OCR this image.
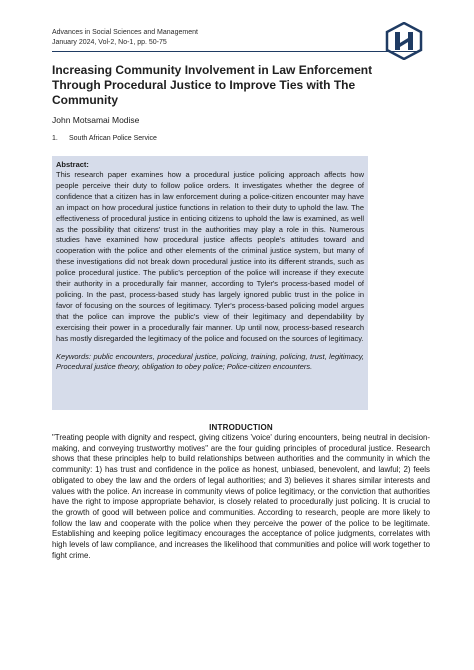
Advances in Social Sciences and Management
January 2024, Vol-2, No-1, pp. 50-75
Increasing Community Involvement in Law Enforcement Through Procedural Justice to Improve Ties with The Community
John Motsamai Modise
1. South African Police Service
Abstract:
This research paper examines how a procedural justice policing approach affects how people perceive their duty to follow police orders. It investigates whether the degree of confidence that a citizen has in law enforcement during a police-citizen encounter may have an impact on how procedural justice functions in relation to their duty to uphold the law. The effectiveness of procedural justice in enticing citizens to uphold the law is examined, as well as the possibility that citizens' trust in the authorities may play a role in this. Numerous studies have examined how procedural justice affects people's attitudes toward and cooperation with the police and other elements of the criminal justice system, but many of these investigations did not break down procedural justice into its different strands, such as police procedural justice. The public's perception of the police will increase if they execute their authority in a procedurally fair manner, according to Tyler's process-based model of policing. In the past, process-based study has largely ignored public trust in the police in favor of focusing on the sources of legitimacy. Tyler's process-based policing model argues that the police can improve the public's view of their legitimacy and dependability by exercising their power in a procedurally fair manner. Up until now, process-based research has mostly disregarded the legitimacy of the police and focused on the sources of legitimacy.
Keywords: public encounters, procedural justice, policing, training, policing, trust, legitimacy, Procedural justice theory, obligation to obey police; Police-citizen encounters.
INTRODUCTION
"Treating people with dignity and respect, giving citizens 'voice' during encounters, being neutral in decision-making, and conveying trustworthy motives" are the four guiding principles of procedural justice. Research shows that these principles help to build relationships between authorities and the community in which the community: 1) has trust and confidence in the police as honest, unbiased, benevolent, and lawful; 2) feels obligated to obey the law and the orders of legal authorities; and 3) believes it shares similar interests and values with the police. An increase in community views of police legitimacy, or the conviction that authorities have the right to impose appropriate behavior, is closely related to procedurally just policing. It is crucial to the growth of good will between police and communities. According to research, people are more likely to follow the law and cooperate with the police when they perceive the power of the police to be legitimate. Establishing and keeping police legitimacy encourages the acceptance of police judgments, correlates with high levels of law compliance, and increases the likelihood that communities and police will work together to fight crime.
